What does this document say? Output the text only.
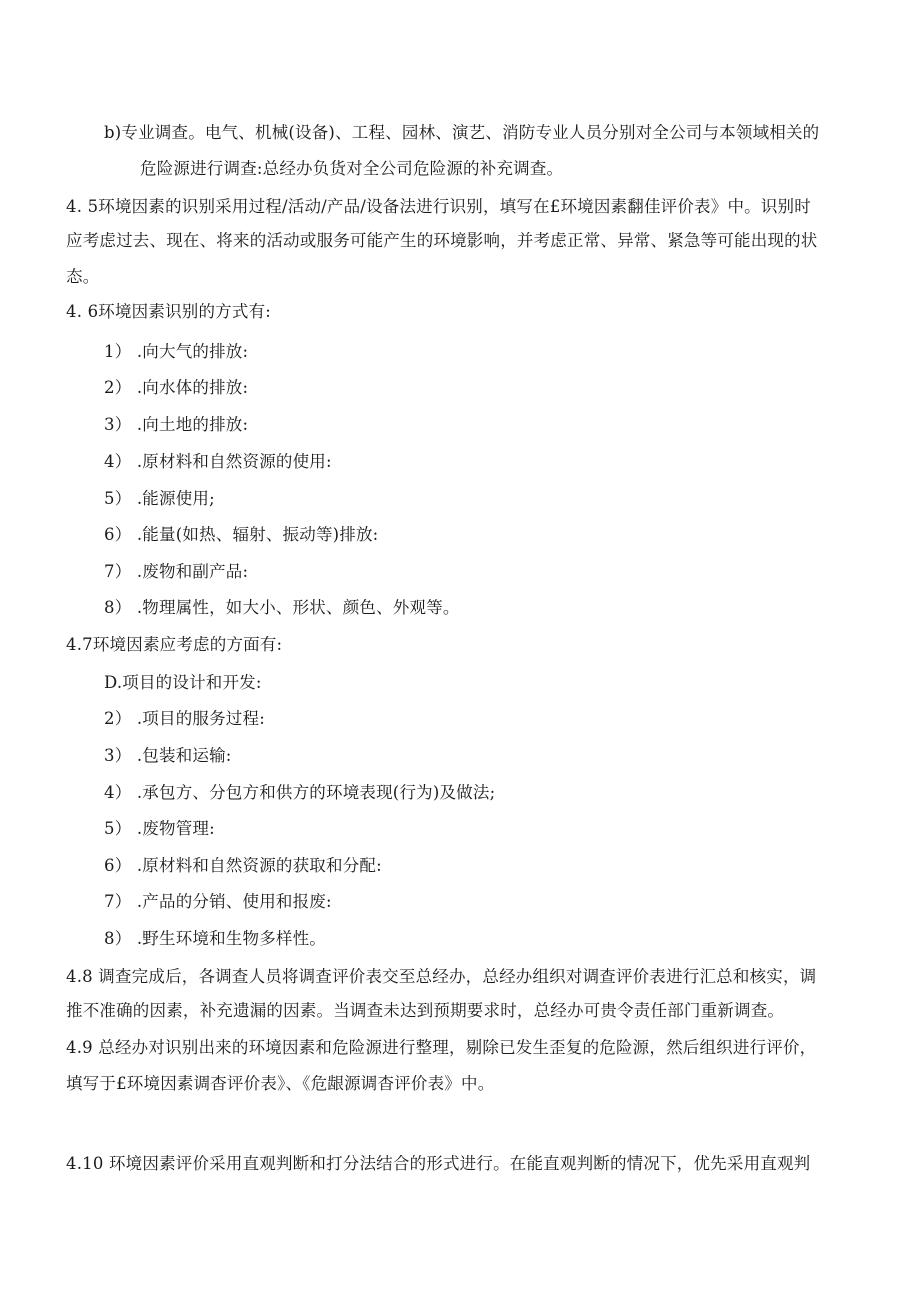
b)专业调查。电气、机械(设备)、工程、园林、演艺、消防专业人员分别对全公司与本领域相关的
危险源进行调查:总经办负货对全公司危险源的补充调查。
4. 5环境因素的识别采用过程/活动/产品/设备法进行识别，填写在£环境因素翻佳评价表》中。识别时
应考虑过去、现在、将来的活动或服务可能产生的环境影响，并考虑正常、异常、紧急等可能出现的状
态。
4. 6环境因素识别的方式有:
1） .向大气的排放:
2） .向水体的排放:
3） .向土地的排放:
4） .原材料和自然资源的使用:
5） .能源使用;
6） .能量(如热、辐射、振动等)排放:
7） .废物和副产品:
8） .物理属性，如大小、形状、颜色、外观等。
4.7环境因素应考虑的方面有:
D.项目的设计和开发:
2） .项目的服务过程:
3） .包装和运输:
4） .承包方、分包方和供方的环境表现(行为)及做法;
5） .废物管理:
6） .原材料和自然资源的获取和分配:
7） .产品的分销、使用和报废:
8） .野生环境和生物多样性。
4.8 调查完成后，各调查人员将调查评价表交至总经办，总经办组织对调查评价表进行汇总和核实，调
推不准确的因素，补充遗漏的因素。当调查未达到预期要求时，总经办可贵令责任部门重新调查。
4.9 总经办对识别出来的环境因素和危险源进行整理，剔除已发生歪复的危险源，然后组织进行评价，
填写于£环境因素调杳评价表》、《危龈源调杳评价表》中。
4.10 环境因素评价采用直观判断和打分法结合的形式进行。在能直观判断的情况下，优先采用直观判
